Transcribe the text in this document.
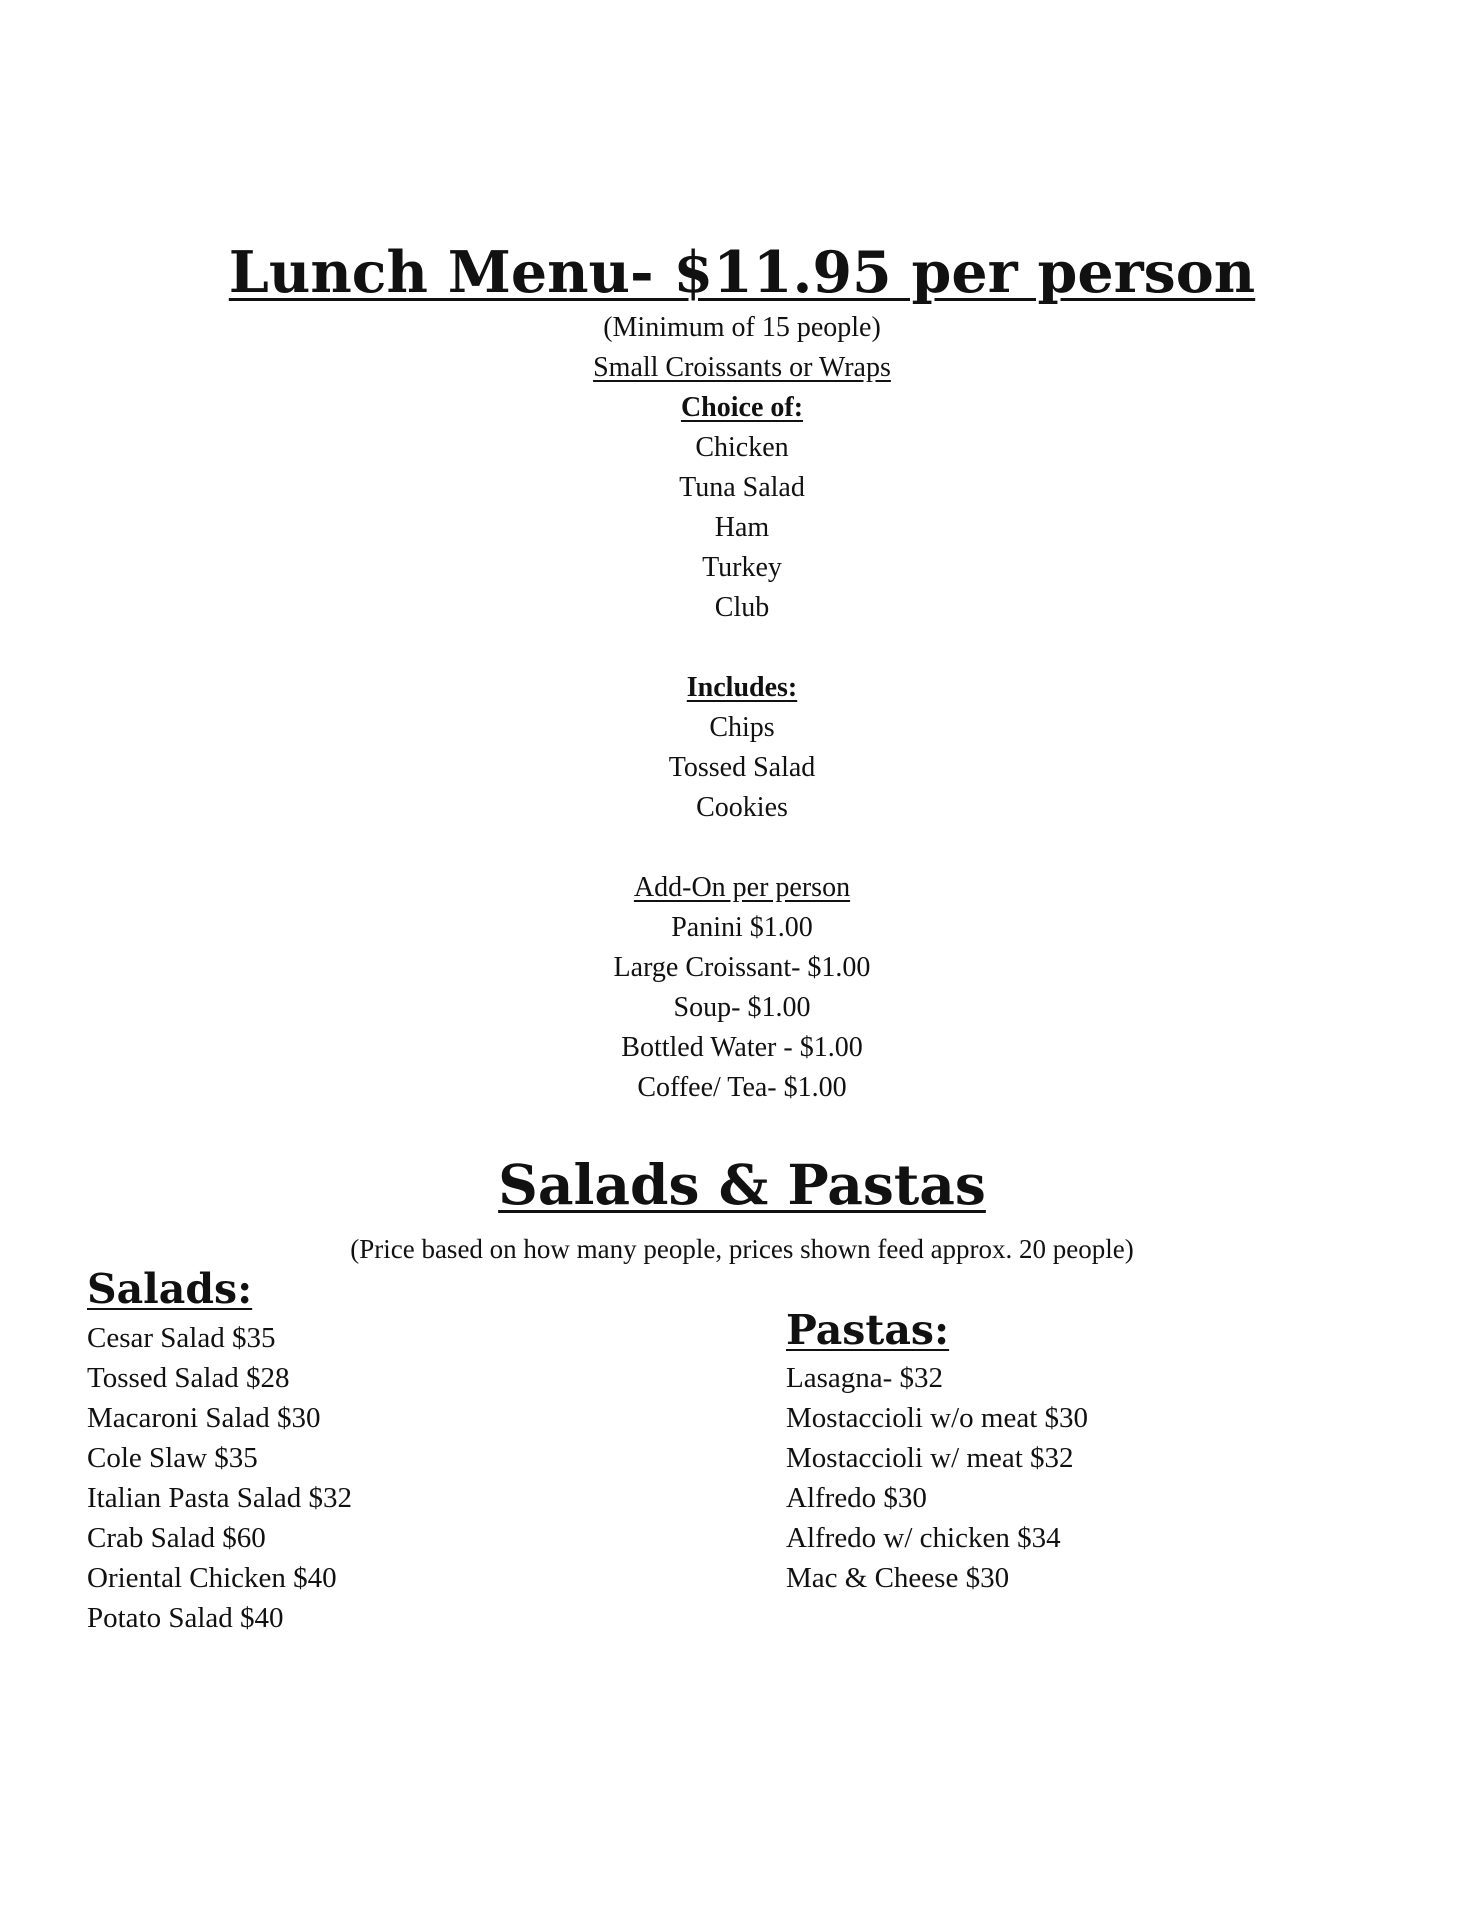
Lunch Menu- $11.95 per person
(Minimum of 15 people)
Small Croissants or Wraps
Choice of:
Chicken
Tuna Salad
Ham
Turkey
Club
Includes:
Chips
Tossed Salad
Cookies
Add-On per person
Panini $1.00
Large Croissant- $1.00
Soup- $1.00
Bottled Water - $1.00
Coffee/ Tea- $1.00
Salads & Pastas
(Price based on how many people, prices shown feed approx. 20 people)
Salads:
Cesar Salad $35
Tossed Salad $28
Macaroni Salad $30
Cole Slaw $35
Italian Pasta Salad $32
Crab Salad $60
Oriental Chicken $40
Potato Salad $40
Pastas:
Lasagna- $32
Mostaccioli w/o meat $30
Mostaccioli w/ meat $32
Alfredo $30
Alfredo w/ chicken $34
Mac & Cheese $30
